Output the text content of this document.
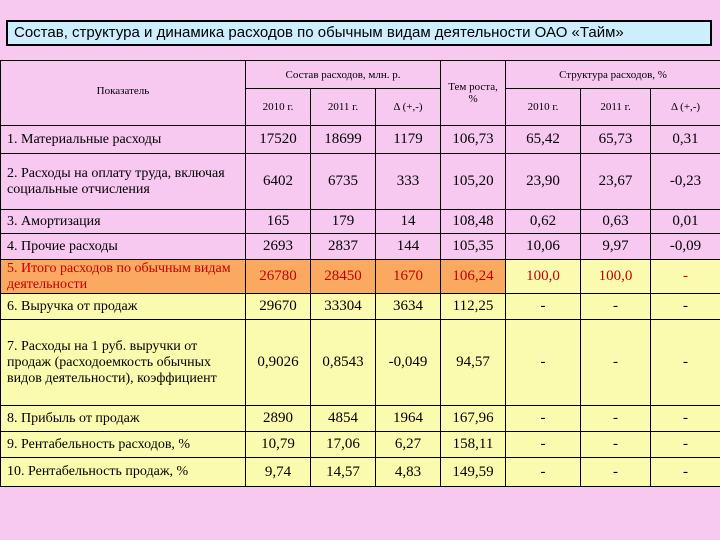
Состав, структура и динамика расходов по обычным видам деятельности ОАО «Тайм»
Показатель	Состав расходов, млн. р.			Тем роста, %	Структура расходов, %		
	2010 г.	2011 г.	Δ (+,-)		2010 г.	2011 г.	Δ (+,-)
1. Материальные расходы	17520	18699	1179	106,73	65,42	65,73	0,31
2. Расходы на оплату труда, включая социальные отчисления	6402	6735	333	105,20	23,90	23,67	-0,23
3. Амортизация	165	179	14	108,48	0,62	0,63	0,01
4. Прочие расходы	2693	2837	144	105,35	10,06	9,97	-0,09
5. Итого расходов по обычным видам деятельности	26780	28450	1670	106,24	100,0	100,0	-
6. Выручка от продаж	29670	33304	3634	112,25	-	-	-
7. Расходы на 1 руб. выручки от продаж (расходоемкость обычных видов деятельности), коэффициент	0,9026	0,8543	-0,049	94,57	-	-	-
8. Прибыль от продаж	2890	4854	1964	167,96	-	-	-
9. Рентабельность расходов, %	10,79	17,06	6,27	158,11	-	-	-
10. Рентабельность продаж, %	9,74	14,57	4,83	149,59	-	-	-
